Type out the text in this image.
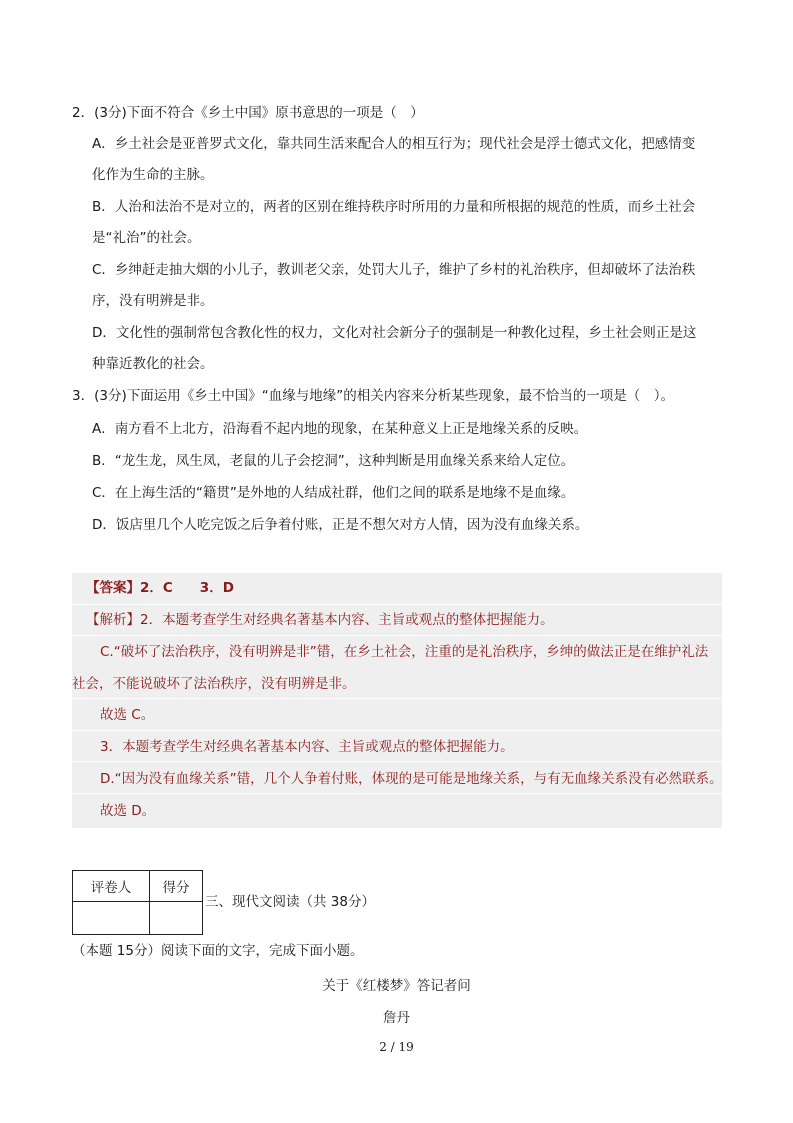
2．(3分)下面不符合《乡土中国》原书意思的一项是（　）
A．乡土社会是亚普罗式文化，靠共同生活来配合人的相互行为；现代社会是浮士德式文化，把感情变
化作为生命的主脉。
B．人治和法治不是对立的，两者的区别在维持秩序时所用的力量和所根据的规范的性质，而乡土社会
是“礼治”的社会。
C．乡绅赶走抽大烟的小儿子，教训老父亲，处罚大儿子，维护了乡村的礼治秩序，但却破坏了法治秩
序，没有明辨是非。
D．文化性的强制常包含教化性的权力，文化对社会新分子的强制是一种教化过程，乡土社会则正是这
种靠近教化的社会。
3．(3分)下面运用《乡土中国》“血缘与地缘”的相关内容来分析某些现象，最不恰当的一项是（　）。
A．南方看不上北方，沿海看不起内地的现象，在某种意义上正是地缘关系的反映。
B．“龙生龙，凤生凤，老鼠的儿子会挖洞”，这种判断是用血缘关系来给人定位。
C．在上海生活的“籍贯”是外地的人结成社群，他们之间的联系是地缘不是血缘。
D．饭店里几个人吃完饭之后争着付账，正是不想欠对方人情，因为没有血缘关系。
【答案】2．C　　3．D
【解析】2．本题考查学生对经典名著基本内容、主旨或观点的整体把握能力。
C.“破坏了法治秩序，没有明辨是非”错，在乡土社会，注重的是礼治秩序，乡绅的做法正是在维护礼法
社会，不能说破坏了法治秩序，没有明辨是非。
故选 C。
3．本题考查学生对经典名著基本内容、主旨或观点的整体把握能力。
D.“因为没有血缘关系”错，几个人争着付账，体现的是可能是地缘关系，与有无血缘关系没有必然联系。
故选 D。
评卷人	得分

三、现代文阅读（共 38分）
（本题 15分）阅读下面的文字，完成下面小题。
关于《红楼梦》答记者问
詹丹
2 / 19
